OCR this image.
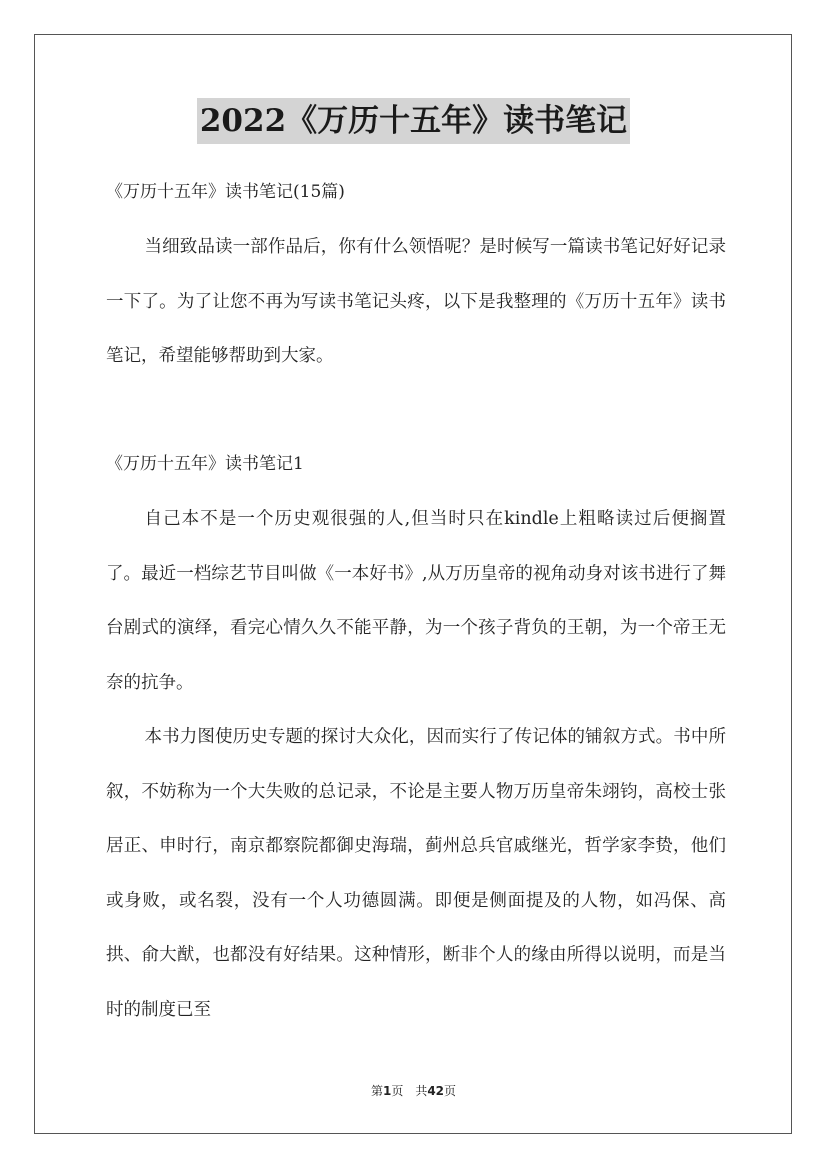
2022《万历十五年》读书笔记
《万历十五年》读书笔记(15篇)

当细致品读一部作品后，你有什么领悟呢？是时候写一篇读书笔记好好记录一下了。为了让您不再为写读书笔记头疼，以下是我整理的《万历十五年》读书笔记，希望能够帮助到大家。

《万历十五年》读书笔记1

自己本不是一个历史观很强的人,但当时只在kindle上粗略读过后便搁置了。最近一档综艺节目叫做《一本好书》,从万历皇帝的视角动身对该书进行了舞台剧式的演绎，看完心情久久不能平静，为一个孩子背负的王朝，为一个帝王无奈的抗争。

本书力图使历史专题的探讨大众化，因而实行了传记体的铺叙方式。书中所叙，不妨称为一个大失败的总记录，不论是主要人物万历皇帝朱翊钧，高校士张居正、申时行，南京都察院都御史海瑞，蓟州总兵官戚继光，哲学家李贽，他们或身败，或名裂，没有一个人功德圆满。即便是侧面提及的人物，如冯保、高拱、俞大猷，也都没有好结果。这种情形，断非个人的缘由所得以说明，而是当时的制度已至

第1页　共42页
